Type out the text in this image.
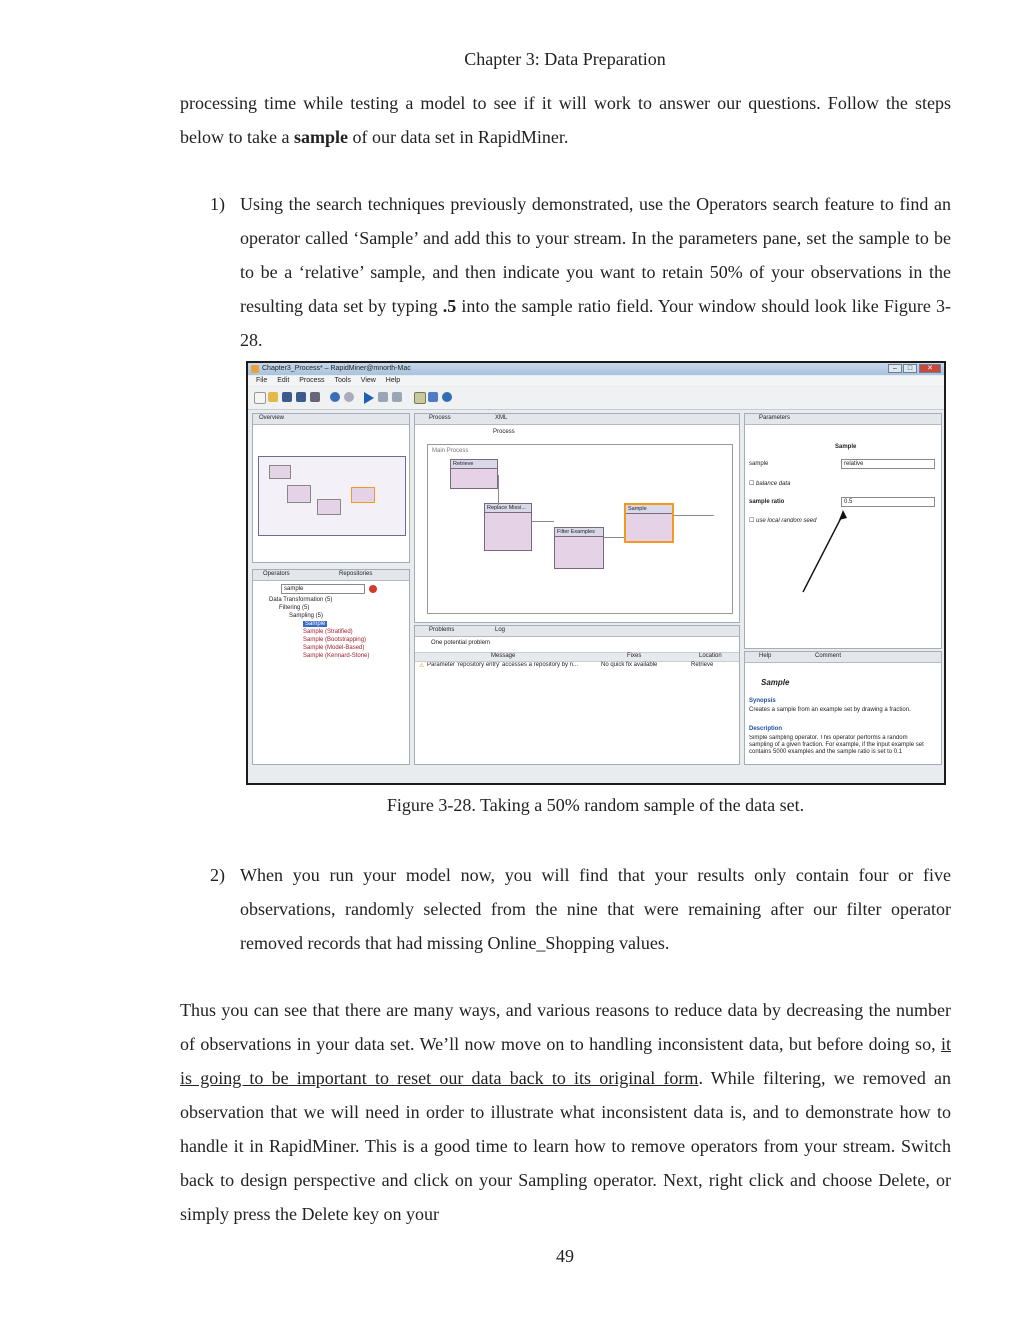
Chapter 3: Data Preparation
processing time while testing a model to see if it will work to answer our questions. Follow the steps below to take a sample of our data set in RapidMiner.
1) Using the search techniques previously demonstrated, use the Operators search feature to find an operator called ‘Sample’ and add this to your stream. In the parameters pane, set the sample to be to be a ‘relative’ sample, and then indicate you want to retain 50% of your observations in the resulting data set by typing .5 into the sample ratio field. Your window should look like Figure 3-28.
Chapter3_Process* – RapidMiner@mnorth-Mac	–	□	✕
File Edit Process Tools View Help
Overview
Operators	Repositories
sample
Data Transformation (5)
Filtering (5)
Sampling (5)
Sample
Sample (Stratified)
Sample (Bootstrapping)
Sample (Model-Based)
Sample (Kennard-Stone)
Process	XML
Process
Main Process
Retrieve
Replace Missi...
Filter Examples
Sample
Problems	Log
One potential problem
Message	Fixes	Location
⚠ Parameter 'repository entry' accesses a repository by n...	No quick fix available	Retrieve
Parameters
Sample
sample	relative
☐ balance data
sample ratio	0.5
☐ use local random seed
Help	Comment
Sample
Synopsis
Creates a sample from an example set by drawing a fraction.
Description
Simple sampling operator. This operator performs a random sampling of a given fraction. For example, if the input example set contains 5000 examples and the sample ratio is set to 0.1
Figure 3-28. Taking a 50% random sample of the data set.
2) When you run your model now, you will find that your results only contain four or five observations, randomly selected from the nine that were remaining after our filter operator removed records that had missing Online_Shopping values.
Thus you can see that there are many ways, and various reasons to reduce data by decreasing the number of observations in your data set. We’ll now move on to handling inconsistent data, but before doing so, it is going to be important to reset our data back to its original form. While filtering, we removed an observation that we will need in order to illustrate what inconsistent data is, and to demonstrate how to handle it in RapidMiner. This is a good time to learn how to remove operators from your stream. Switch back to design perspective and click on your Sampling operator. Next, right click and choose Delete, or simply press the Delete key on your
49
